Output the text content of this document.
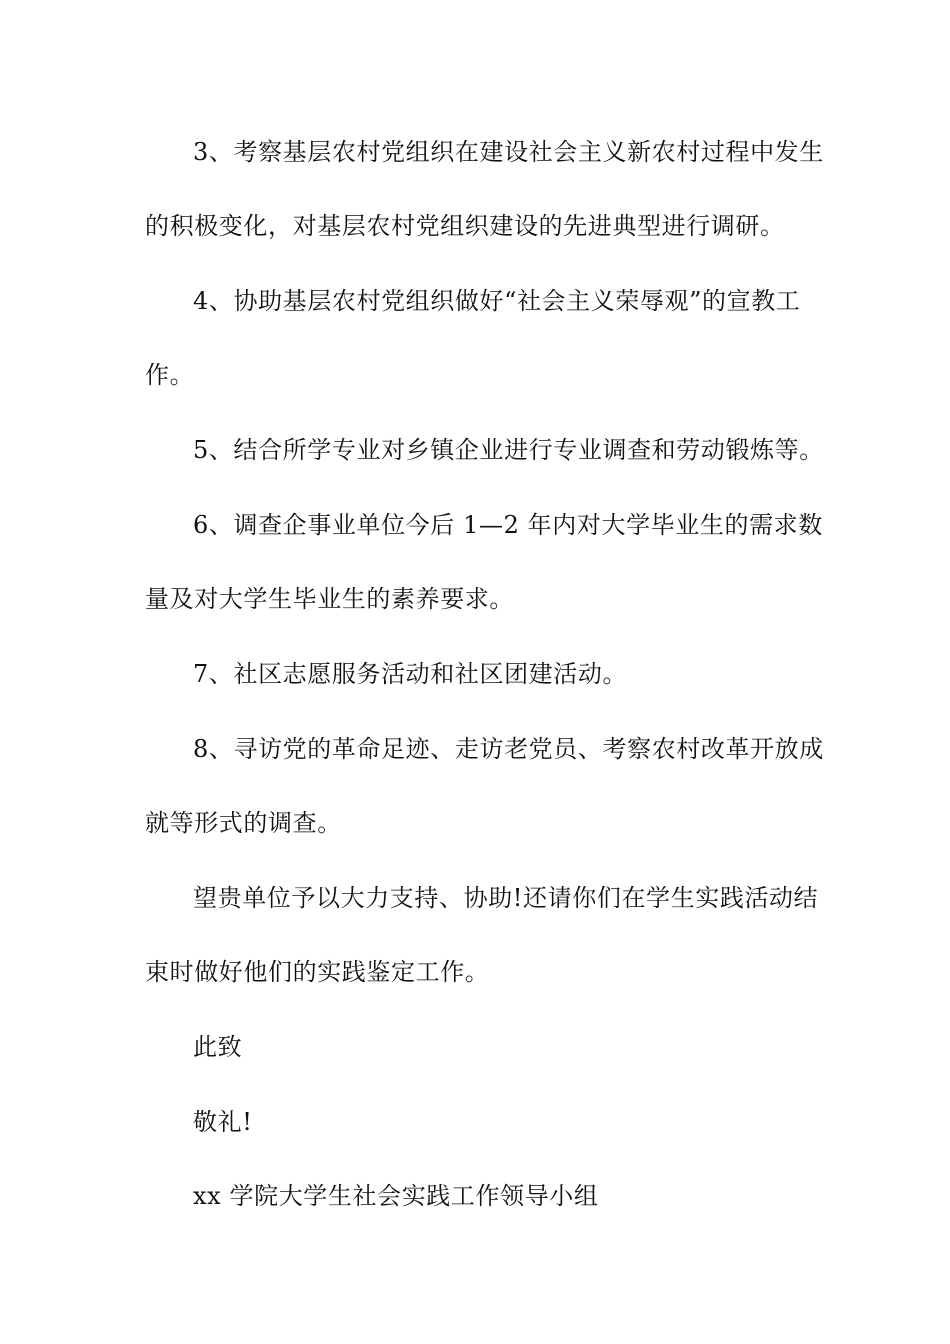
3、考察基层农村党组织在建设社会主义新农村过程中发生
的积极变化，对基层农村党组织建设的先进典型进行调研。
4、协助基层农村党组织做好“社会主义荣辱观”的宣教工
作。
5、结合所学专业对乡镇企业进行专业调查和劳动锻炼等。
6、调查企事业单位今后 1—2 年内对大学毕业生的需求数
量及对大学生毕业生的素养要求。
7、社区志愿服务活动和社区团建活动。
8、寻访党的革命足迹、走访老党员、考察农村改革开放成
就等形式的调查。
望贵单位予以大力支持、协助!还请你们在学生实践活动结
束时做好他们的实践鉴定工作。
此致
敬礼!
xx 学院大学生社会实践工作领导小组
